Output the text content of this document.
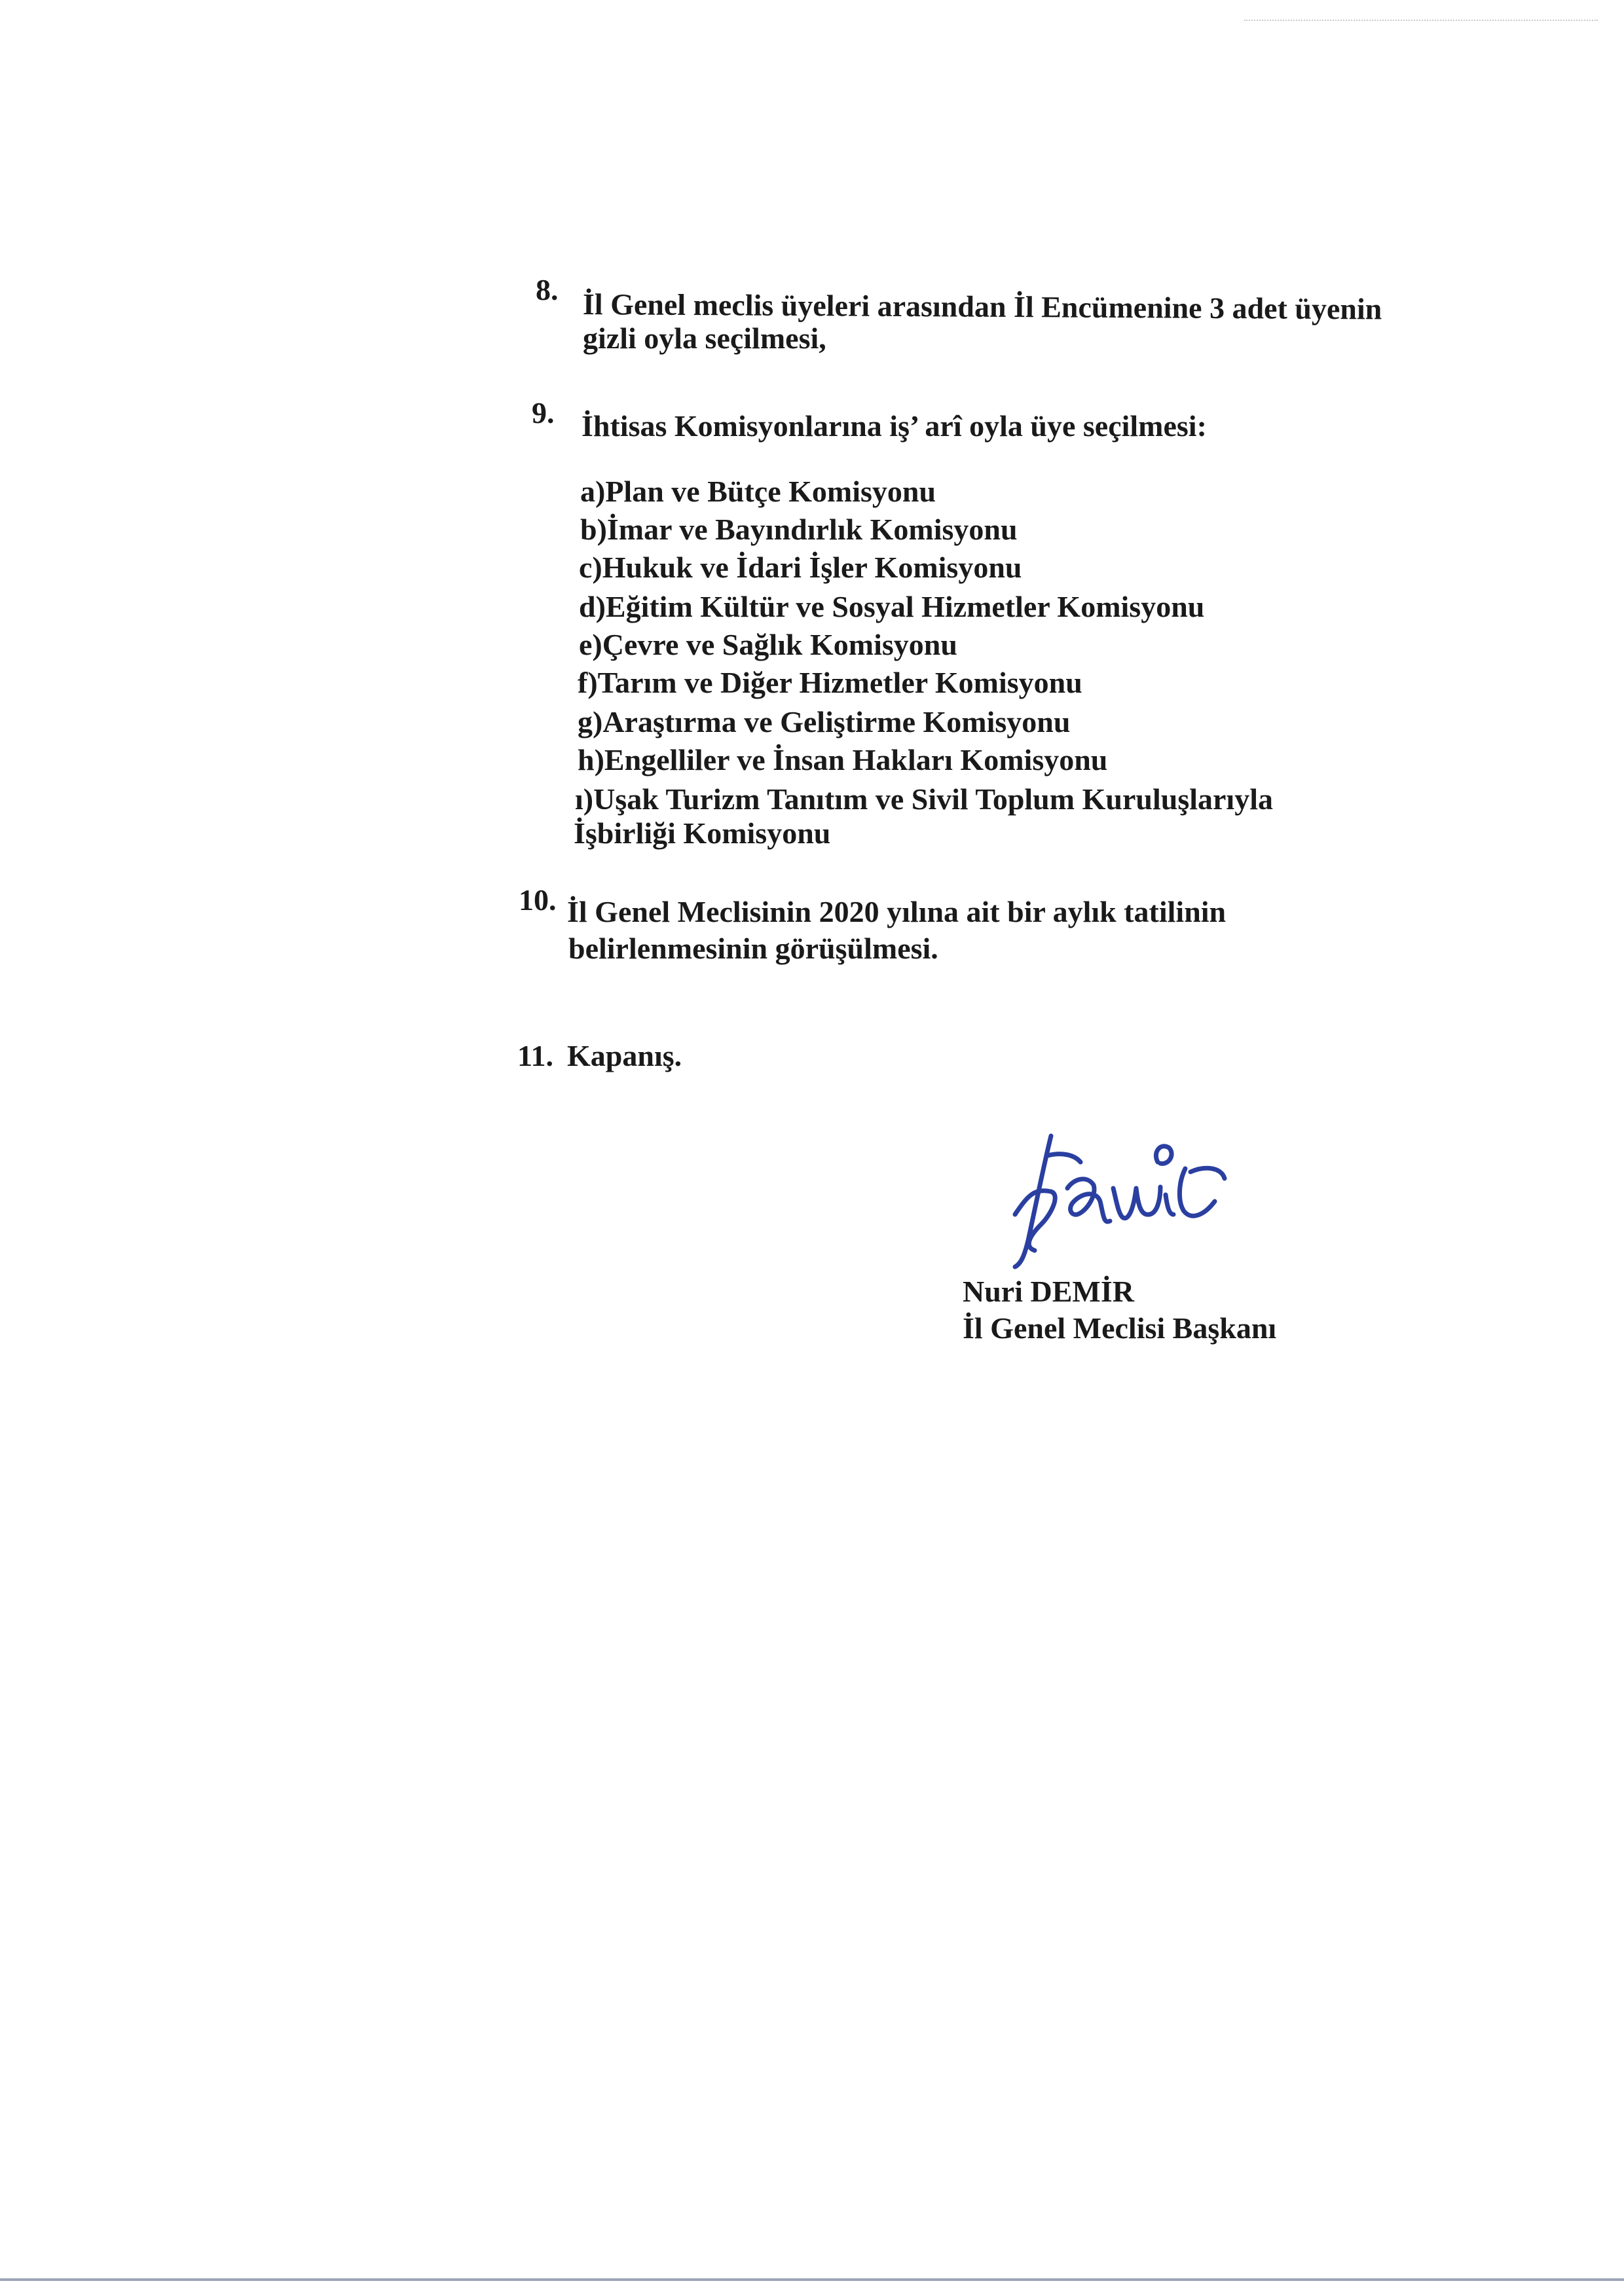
8. İl Genel meclis üyeleri arasından İl Encümenine 3 adet üyenin
gizli oyla seçilmesi,
9. İhtisas Komisyonlarına iş’ arî oyla üye seçilmesi:
a)Plan ve Bütçe Komisyonu
b)İmar ve Bayındırlık Komisyonu
c)Hukuk ve İdari İşler Komisyonu
d)Eğitim Kültür ve Sosyal Hizmetler Komisyonu
e)Çevre ve Sağlık Komisyonu
f)Tarım ve Diğer Hizmetler Komisyonu
g)Araştırma ve Geliştirme Komisyonu
h)Engelliler ve İnsan Hakları Komisyonu
ı)Uşak Turizm Tanıtım ve Sivil Toplum Kuruluşlarıyla
İşbirliği Komisyonu
10. İl Genel Meclisinin 2020 yılına ait bir aylık tatilinin
belirlenmesinin görüşülmesi.
11. Kapanış.
Nuri DEMİR
İl Genel Meclisi Başkanı
